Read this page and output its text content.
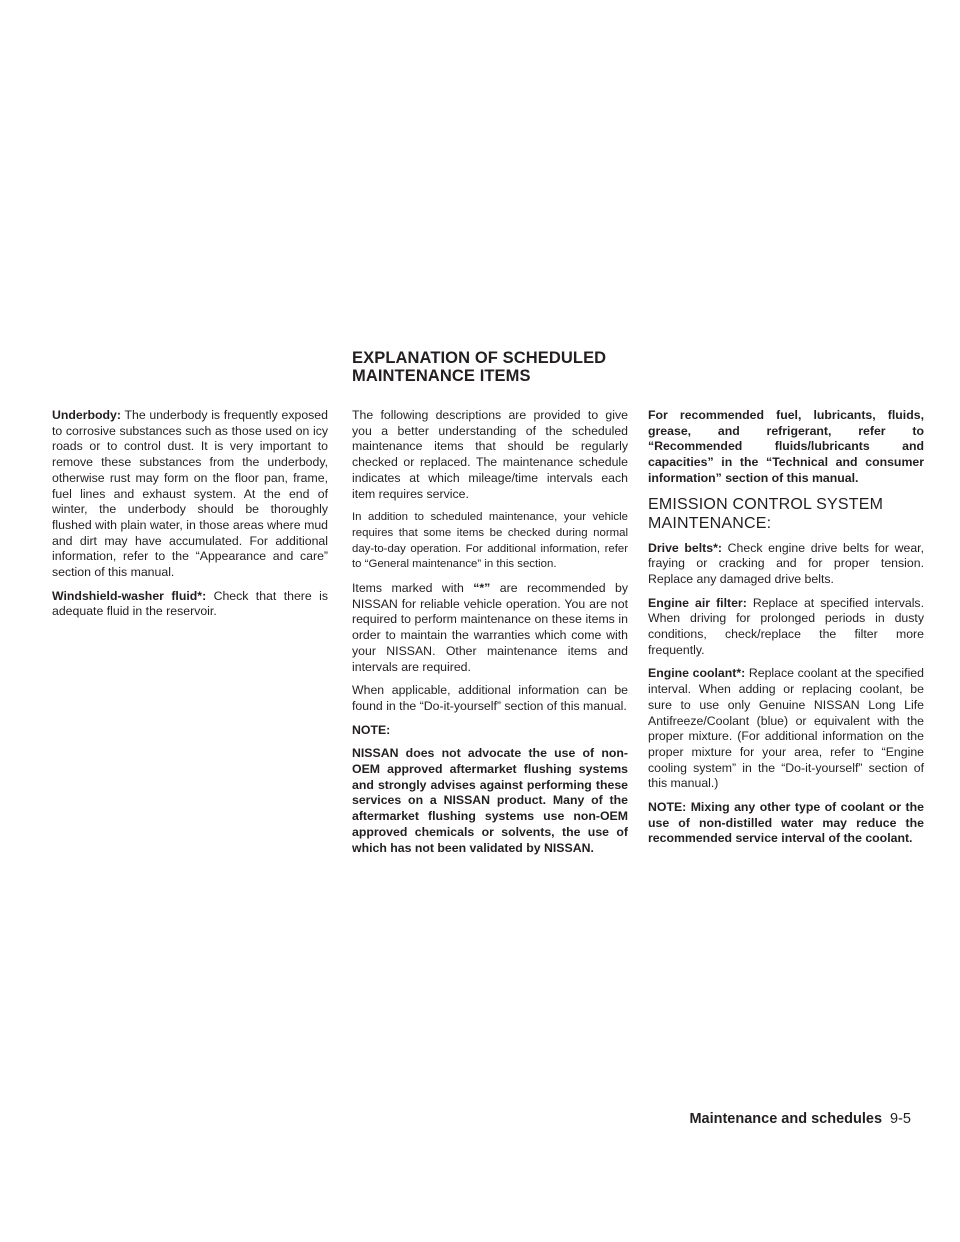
EXPLANATION OF SCHEDULED MAINTENANCE ITEMS

Underbody: The underbody is frequently exposed to corrosive substances such as those used on icy roads or to control dust. It is very important to remove these substances from the underbody, otherwise rust may form on the floor pan, frame, fuel lines and exhaust system. At the end of winter, the underbody should be thoroughly flushed with plain water, in those areas where mud and dirt may have accumulated. For additional information, refer to the “Appearance and care” section of this manual.

Windshield-washer fluid*: Check that there is adequate fluid in the reservoir.

The following descriptions are provided to give you a better understanding of the scheduled maintenance items that should be regularly checked or replaced. The maintenance schedule indicates at which mileage/time intervals each item requires service.

In addition to scheduled maintenance, your vehicle requires that some items be checked during normal day-to-day operation. For additional information, refer to “General maintenance” in this section.

Items marked with “*” are recommended by NISSAN for reliable vehicle operation. You are not required to perform maintenance on these items in order to maintain the warranties which come with your NISSAN. Other maintenance items and intervals are required.

When applicable, additional information can be found in the “Do-it-yourself” section of this manual.

NOTE:

NISSAN does not advocate the use of non-OEM approved aftermarket flushing systems and strongly advises against performing these services on a NISSAN product. Many of the aftermarket flushing systems use non-OEM approved chemicals or solvents, the use of which has not been validated by NISSAN.

For recommended fuel, lubricants, fluids, grease, and refrigerant, refer to “Recommended fluids/lubricants and capacities” in the “Technical and consumer information” section of this manual.

EMISSION CONTROL SYSTEM MAINTENANCE:

Drive belts*: Check engine drive belts for wear, fraying or cracking and for proper tension. Replace any damaged drive belts.

Engine air filter: Replace at specified intervals. When driving for prolonged periods in dusty conditions, check/replace the filter more frequently.

Engine coolant*: Replace coolant at the specified interval. When adding or replacing coolant, be sure to use only Genuine NISSAN Long Life Antifreeze/Coolant (blue) or equivalent with the proper mixture. (For additional information on the proper mixture for your area, refer to “Engine cooling system” in the “Do-it-yourself” section of this manual.)

NOTE: Mixing any other type of coolant or the use of non-distilled water may reduce the recommended service interval of the coolant.

Maintenance and schedules 9-5
